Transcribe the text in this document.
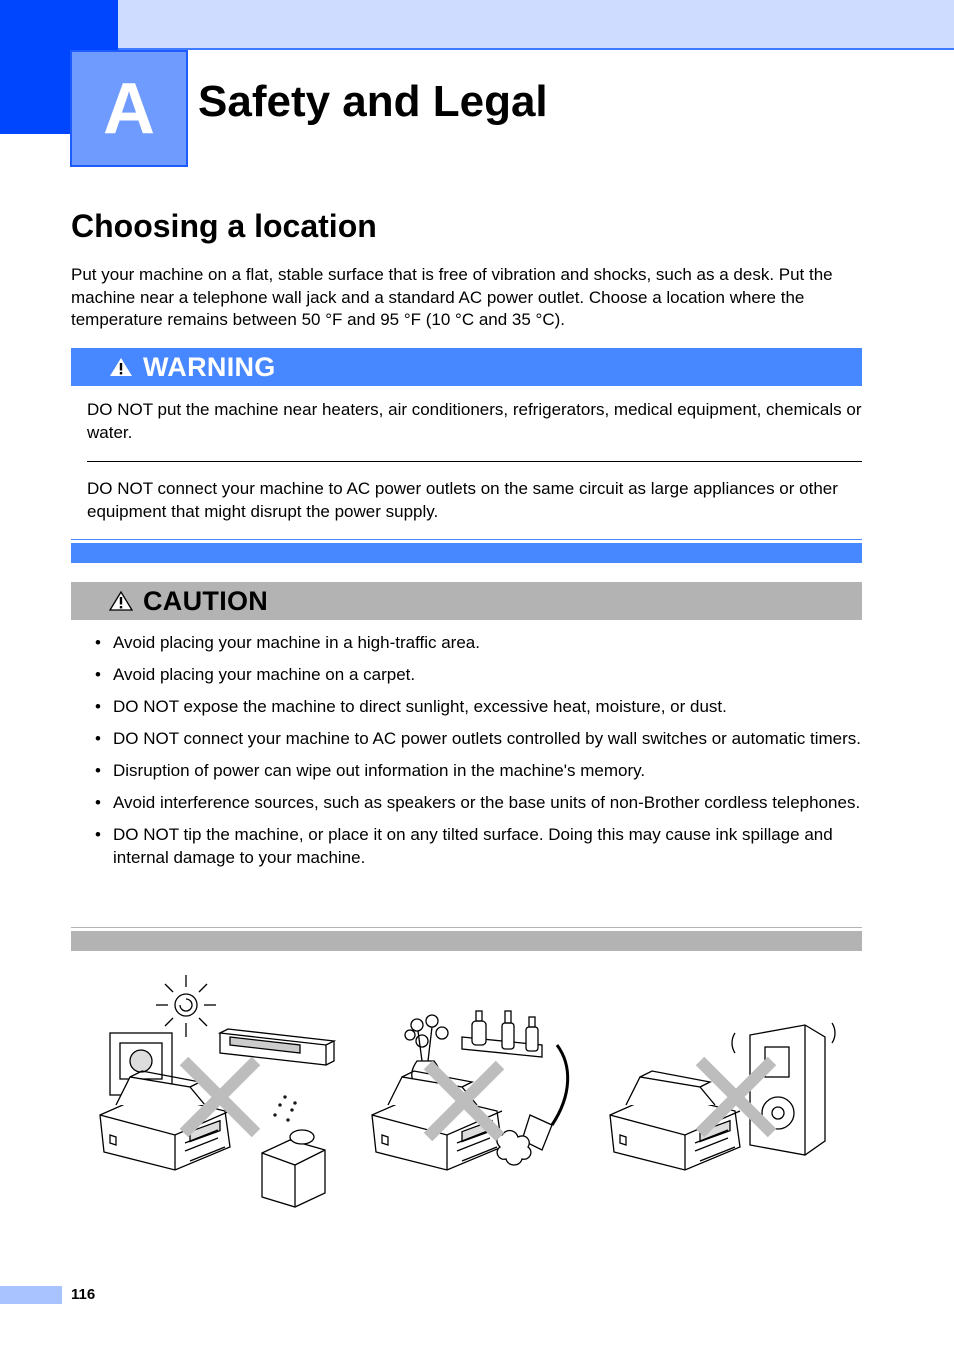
A Safety and Legal
Choosing a location

Put your machine on a flat, stable surface that is free of vibration and shocks, such as a desk. Put the machine near a telephone wall jack and a standard AC power outlet. Choose a location where the temperature remains between 50 °F and 95 °F (10 °C and 35 °C).

WARNING

DO NOT put the machine near heaters, air conditioners, refrigerators, medical equipment, chemicals or water.

DO NOT connect your machine to AC power outlets on the same circuit as large appliances or other equipment that might disrupt the power supply.

CAUTION
• Avoid placing your machine in a high-traffic area.
• Avoid placing your machine on a carpet.
• DO NOT expose the machine to direct sunlight, excessive heat, moisture, or dust.
• DO NOT connect your machine to AC power outlets controlled by wall switches or automatic timers.
• Disruption of power can wipe out information in the machine's memory.
• Avoid interference sources, such as speakers or the base units of non-Brother cordless telephones.
• DO NOT tip the machine, or place it on any tilted surface. Doing this may cause ink spillage and internal damage to your machine.
116
